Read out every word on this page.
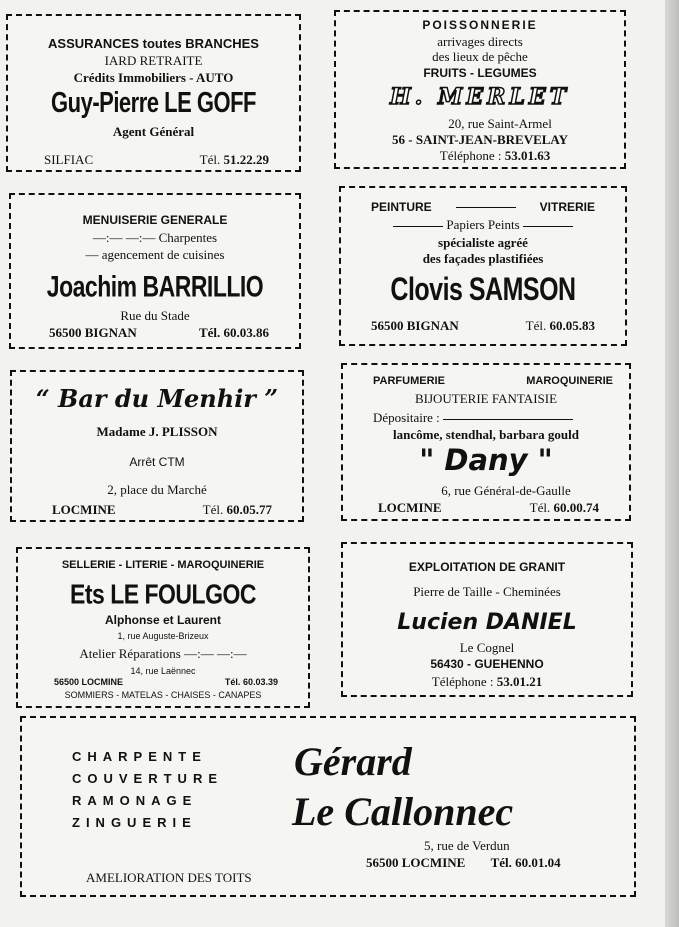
ASSURANCES toutes BRANCHES

IARD RETRAITE

Crédits Immobiliers - AUTO

Guy-Pierre LE GOFF

Agent Général

SILFIAC	Tél. 51.22.29

POISSONNERIE

arrivages directs

des lieux de pêche

FRUITS - LEGUMES

H. MERLET

20, rue Saint-Armel

56 - SAINT-JEAN-BREVELAY

Téléphone : 53.01.63

MENUISERIE GENERALE

—:— —:— Charpentes

— agencement de cuisines

Joachim BARRILLIO

Rue du Stade

56500 BIGNAN	Tél. 60.03.86
PEINTURE	VITRERIE

Papiers Peints

spécialiste agréé

des façades plastifiées

Clovis SAMSON

56500 BIGNAN	Tél. 60.05.83

“ Bar du Menhir ”

Madame J. PLISSON

Arrêt CTM

2, place du Marché

LOCMINE	Tél. 60.05.77
PARFUMERIE	MAROQUINERIE

BIJOUTERIE FANTAISIE

Dépositaire :

lancôme, stendhal, barbara gould

" Dany "

6, rue Général-de-Gaulle

LOCMINE	Tél. 60.00.74

SELLERIE - LITERIE - MAROQUINERIE

Ets LE FOULGOC

Alphonse et Laurent

1, rue Auguste-Brizeux

Atelier Réparations —:— —:—

14, rue Laënnec

56500 LOCMINE	Tél. 60.03.39

SOMMIERS - MATELAS - CHAISES - CANAPES

EXPLOITATION DE GRANIT

Pierre de Taille - Cheminées

Lucien DANIEL

Le Cognel

56430 - GUEHENNO

Téléphone : 53.01.21

CHARPENTE
COUVERTURE
RAMONAGE
ZINGUERIE

Gérard

Le Callonnec

5, rue de Verdun

56500 LOCMINE Tél. 60.01.04

AMELIORATION DES TOITS
